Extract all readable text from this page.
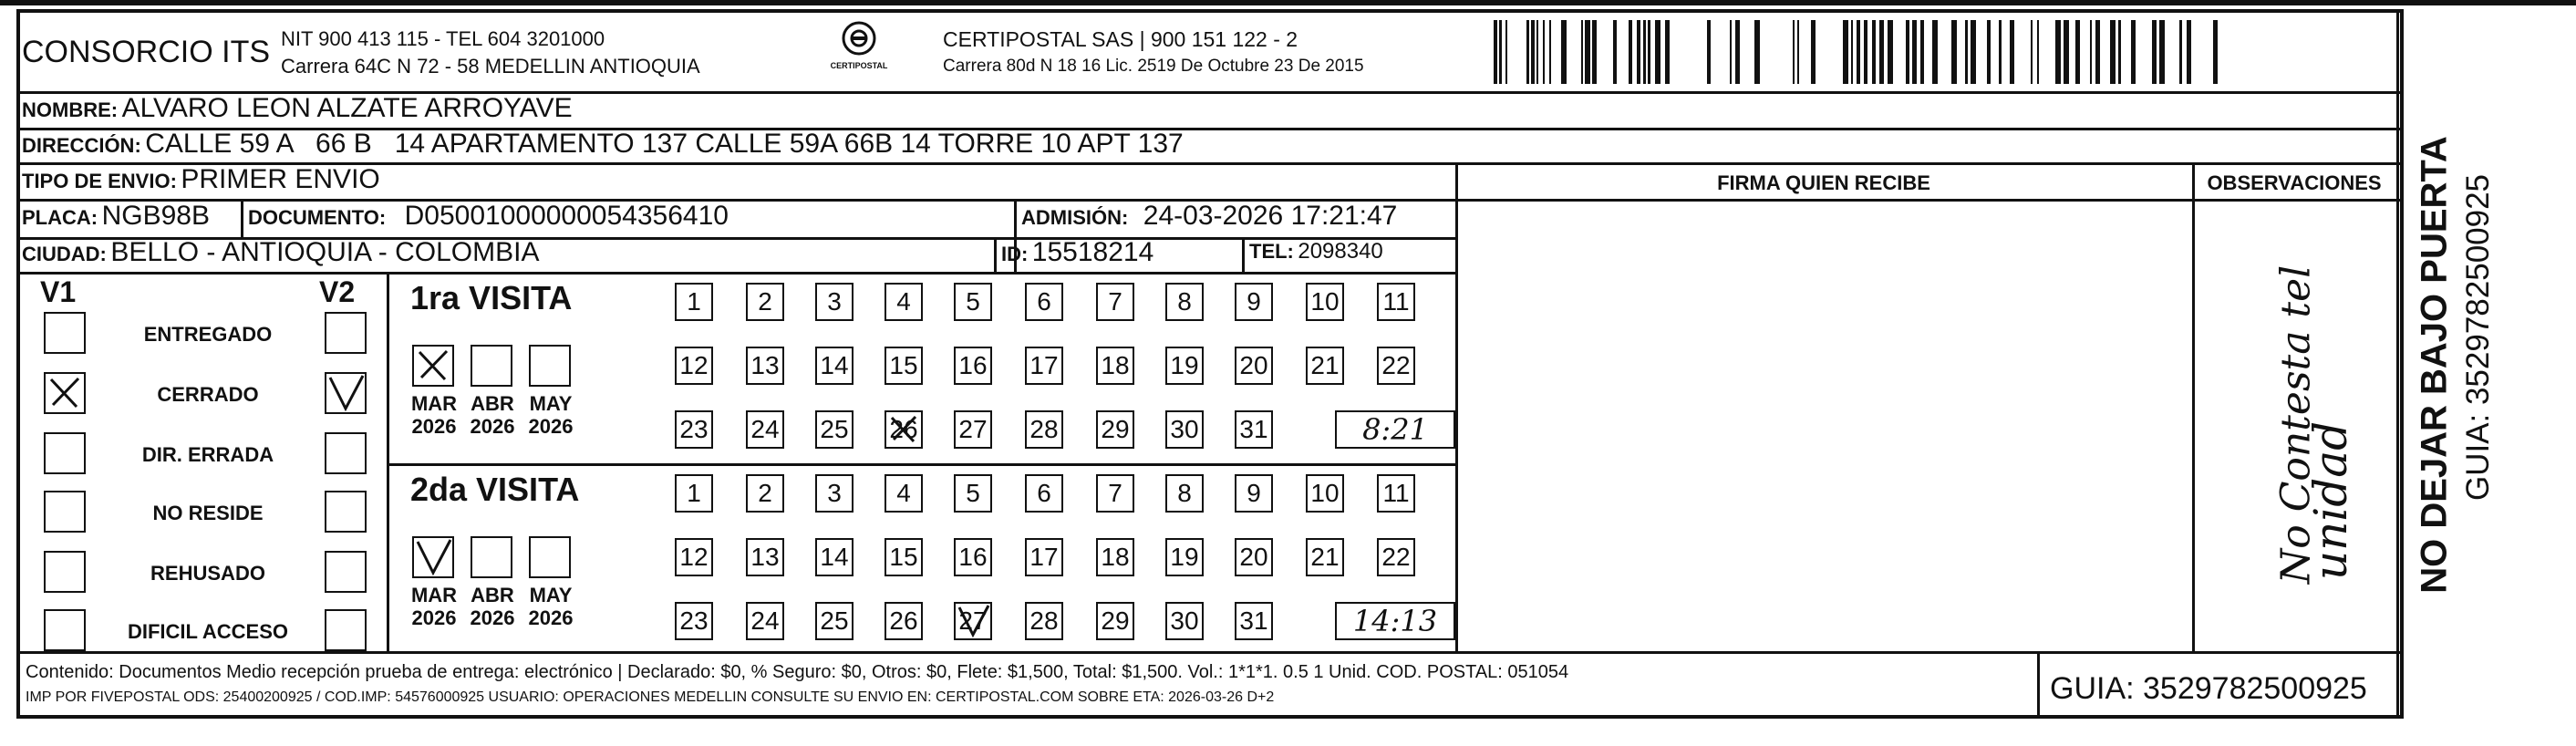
CONSORCIO ITS NIT 900 413 115 - TEL 604 3201000
Carrera 64C N 72 - 58 MEDELLIN ANTIOQUIA	CERTIPOSTAL
CERTIPOSTAL SAS | 900 151 122 - 2
Carrera 80d N 18 16 Lic. 2519 De Octubre 23 De 2015
NOMBRE: ALVARO LEON ALZATE ARROYAVE
DIRECCIÓN: CALLE 59 A   66 B   14 APARTAMENTO 137 CALLE 59A 66B 14 TORRE 10 APT 137
TIPO DE ENVIO: PRIMER ENVIO
PLACA: NGB98B DOCUMENTO: D05001000000054356410	ADMISIÓN: 24-03-2026 17:21:47
CIUDAD: BELLO - ANTIOQUIA - COLOMBIA	ID: 15518214	TEL: 2098340
FIRMA QUIEN RECIBE	OBSERVACIONES
V1	V2
ENTREGADO
CERRADO
DIR. ERRADA
NO RESIDE
REHUSADO
DIFICIL ACCESO
1ra VISITA
MAR
2026
ABR
2026
MAY
2026
1	2	3	4	5	6	7	8	9	10 11
12 13 14 15 16 17 18 19 20 21 22
23 24 25 26 27 28 29 30 31	8:21
2da VISITA
MAR
2026
ABR
2026
MAY
2026
1	2	3	4	5	6	7	8	9	10 11
12 13 14 15 16 17 18 19 20 21 22
23 24 25 26 27 28 29 30 31	14:13
No Contesta tel
unidad
Contenido: Documentos Medio recepción prueba de entrega: electrónico | Declarado: $0, % Seguro: $0, Otros: $0, Flete: $1,500, Total: $1,500. Vol.: 1*1*1. 0.5 1 Unid. COD. POSTAL: 051054
IMP POR FIVEPOSTAL ODS: 25400200925 / COD.IMP: 54576000925 USUARIO: OPERACIONES MEDELLIN CONSULTE SU ENVIO EN: CERTIPOSTAL.COM SOBRE ETA: 2026-03-26 D+2	GUIA: 3529782500925
NO DEJAR BAJO PUERTA GUIA: 3529782500925
